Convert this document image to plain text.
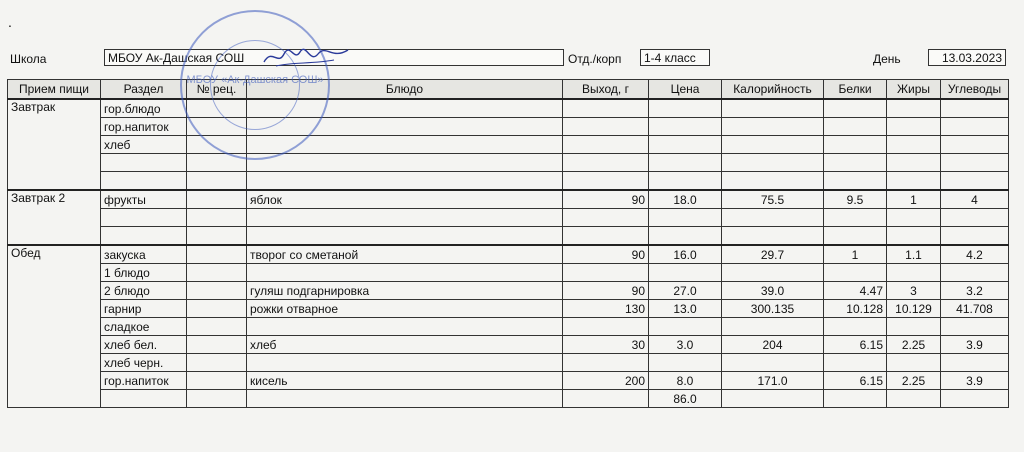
.
Школа	МБОУ Ак-Дашская СОШ	Отд./корп	1-4 класс	День	13.03.2023
Прием пищи	Раздел	№ рец.	Блюдо	Выход, г	Цена	Калорийность	Белки	Жиры	Углеводы
Завтрак	гор.блюдо								
	гор.напиток								
	хлеб								

Завтрак 2	фрукты		яблок	90	18.0	75.5	9.5	1	4

Обед	закуска		творог со сметаной	90	16.0	29.7	1	1.1	4.2
	1 блюдо								
	2 блюдо		гуляш подгарнировка	90	27.0	39.0	4.47	3	3.2
	гарнир		рожки отварное	130	13.0	300.135	10.128	10.129	41.708
	сладкое								
	хлеб бел.		хлеб	30	3.0	204	6.15	2.25	3.9
	хлеб черн.								
	гор.напиток		кисель	200	8.0	171.0	6.15	2.25	3.9
					86.0				
МБОУ «Ак-Дашская СОШ»
